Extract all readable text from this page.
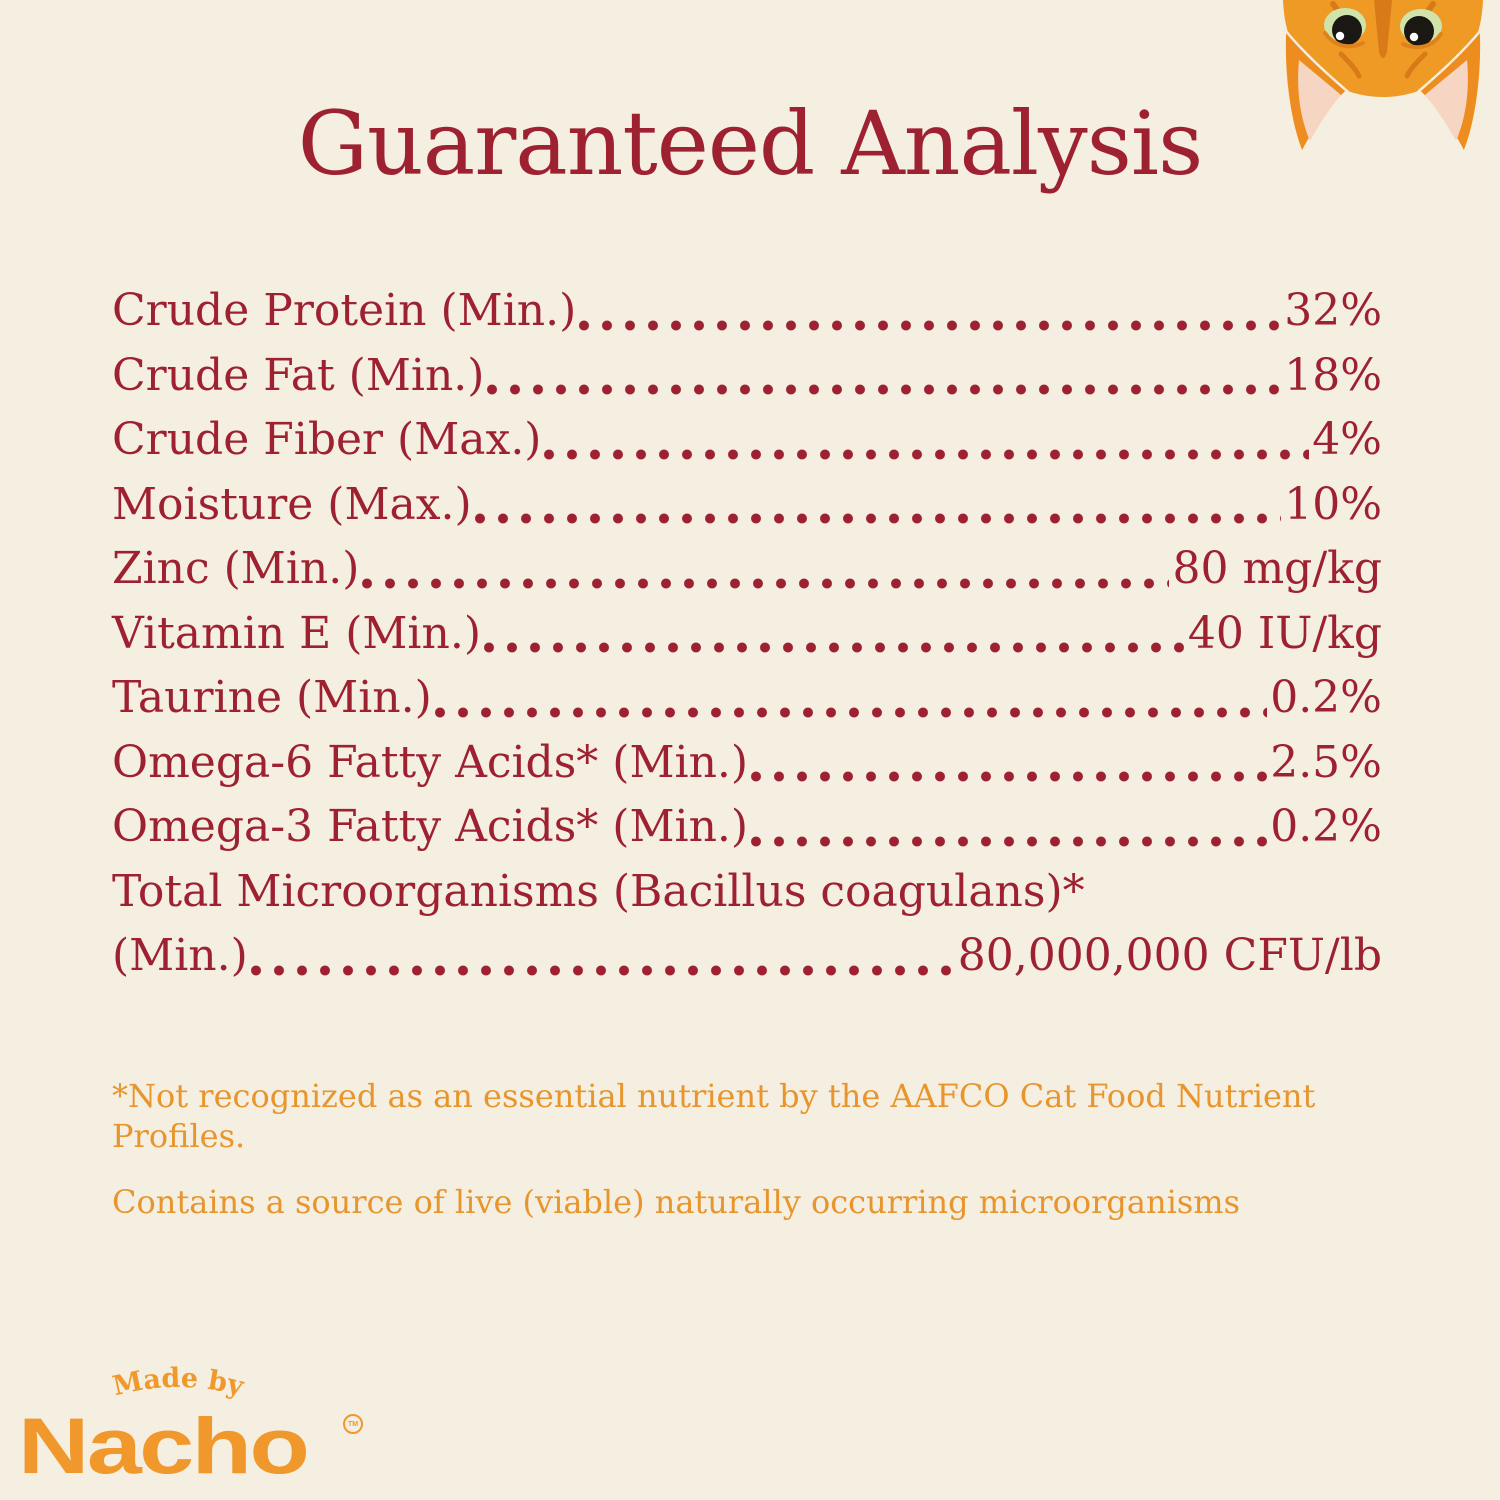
Guaranteed Analysis
Crude Protein (Min.)	32%
Crude Fat (Min.)	18%
Crude Fiber (Max.)	4%
Moisture (Max.)	10%
Zinc (Min.)	80 mg/kg
Vitamin E (Min.)	40 IU/kg
Taurine (Min.)	0.2%
Omega-6 Fatty Acids* (Min.)	2.5%
Omega-3 Fatty Acids* (Min.)	0.2%
Total Microorganisms (Bacillus coagulans)*
(Min.)	80,000,000 CFU/lb

*Not recognized as an essential nutrient by the AAFCO Cat Food Nutrient Profiles.

Contains a source of live (viable) naturally occurring microorganisms

Made by
Nacho	TM
